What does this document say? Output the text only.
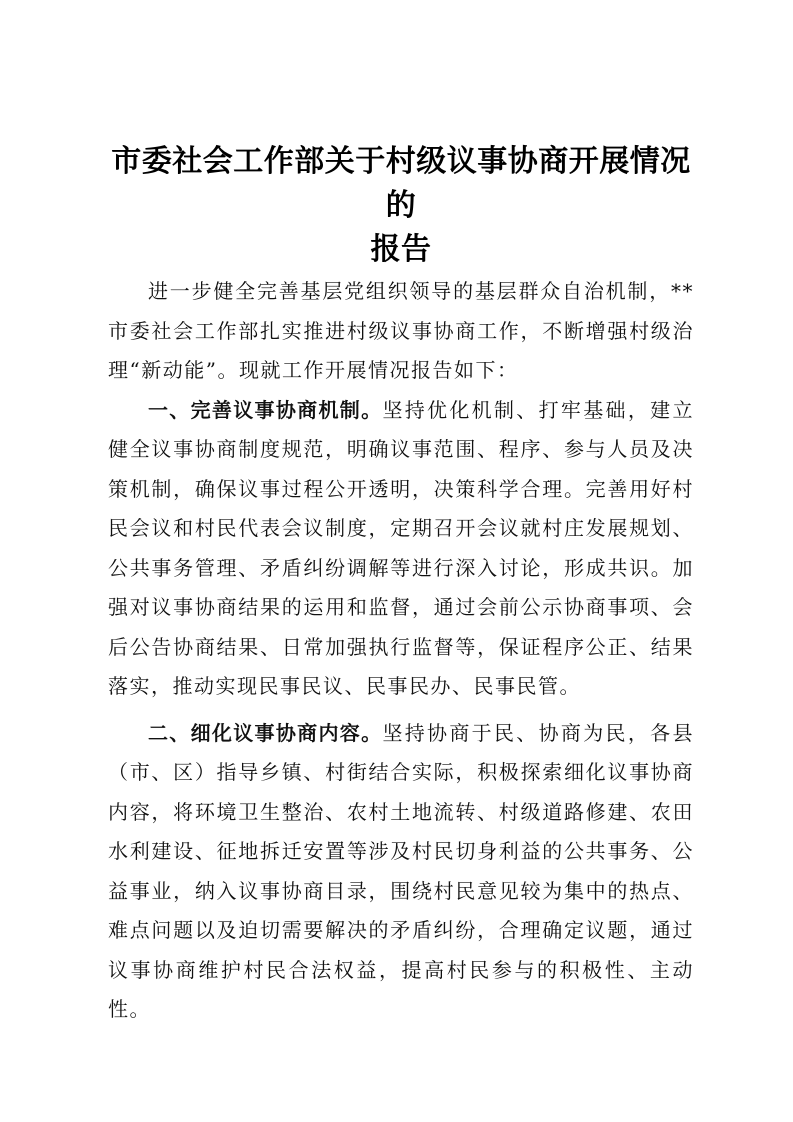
市委社会工作部关于村级议事协商开展情况的
报告

进一步健全完善基层党组织领导的基层群众自治机制，**市委社会工作部扎实推进村级议事协商工作，不断增强村级治理“新动能”。现就工作开展情况报告如下：

一、完善议事协商机制。坚持优化机制、打牢基础，建立健全议事协商制度规范，明确议事范围、程序、参与人员及决策机制，确保议事过程公开透明，决策科学合理。完善用好村民会议和村民代表会议制度，定期召开会议就村庄发展规划、公共事务管理、矛盾纠纷调解等进行深入讨论，形成共识。加强对议事协商结果的运用和监督，通过会前公示协商事项、会后公告协商结果、日常加强执行监督等，保证程序公正、结果落实，推动实现民事民议、民事民办、民事民管。

二、细化议事协商内容。坚持协商于民、协商为民，各县（市、区）指导乡镇、村街结合实际，积极探索细化议事协商内容，将环境卫生整治、农村土地流转、村级道路修建、农田水利建设、征地拆迁安置等涉及村民切身利益的公共事务、公益事业，纳入议事协商目录，围绕村民意见较为集中的热点、难点问题以及迫切需要解决的矛盾纠纷，合理确定议题，通过议事协商维护村民合法权益，提高村民参与的积极性、主动性。
